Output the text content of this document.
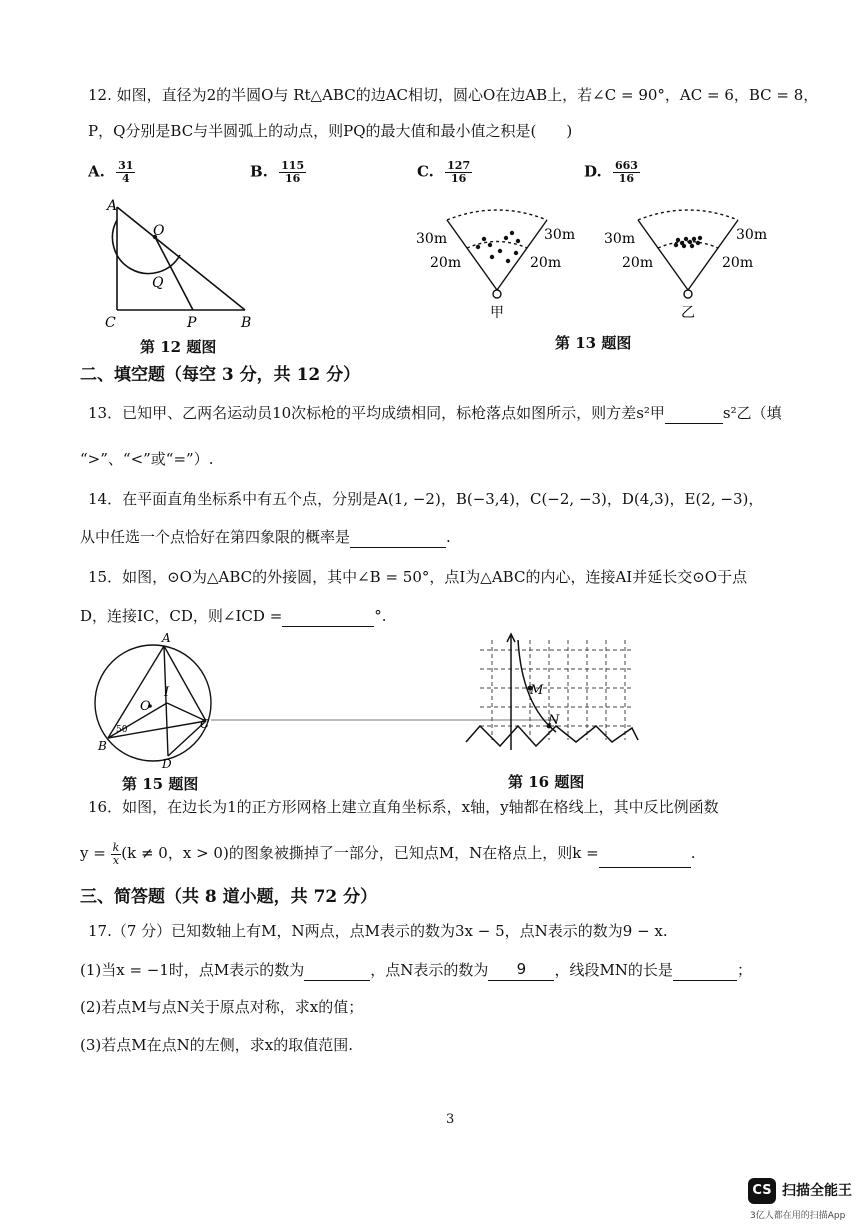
12. 如图，直径为2的半圆O与 Rt△ABC的边AC相切，圆心O在边AB上，若∠C = 90°，AC = 6，BC = 8，
P，Q分别是BC与半圆弧上的动点，则PQ的最大值和最小值之积是(　　)
A. $\frac{31}{4}$	B. $\frac{115}{16}$	C. $\frac{127}{16}$	D. $\frac{663}{16}$
A
O
Q
C	P	B
第 12 题图
30m	30m
20m	20m
甲
30m	30m
20m	20m
乙
第 13 题图
二、填空题（每空 3 分，共 12 分）
13．已知甲、乙两名运动员10次标枪的平均成绩相同，标枪落点如图所示，则方差s²甲	s²乙（填
“>”、“<”或“=”）.
14．在平面直角坐标系中有五个点，分别是A(1, −2)，B(−3,4)，C(−2, −3)，D(4,3)，E(2, −3)，
从中任选一个点恰好在第四象限的概率是	.
15．如图，⊙O为△ABC的外接圆，其中∠B = 50°，点I为△ABC的内心，连接AI并延长交⊙O于点
D，连接IC，CD，则∠ICD =	°.
A
O
I
B
C
D
50
第 15 题图
M
N
第 16 题图
16．如图，在边长为1的正方形网格上建立直角坐标系，x轴，y轴都在格线上，其中反比例函数
$y = \frac{k}{x} (k \ne 0$，x > 0)的图象被撕掉了一部分，已知点M，N在格点上，则k =	.
三、简答题（共 8 道小题，共 72 分）
17.（7 分）已知数轴上有M，N两点，点M表示的数为3x − 5，点N表示的数为9 − x.
(1)当x = −1时，点M表示的数为	，点N表示的数为 9 ，线段MN的长是	；
(2)若点M与点N关于原点对称，求x的值；
(3)若点M在点N的左侧，求x的取值范围.
3
CS 扫描全能王
3亿人都在用的扫描App
